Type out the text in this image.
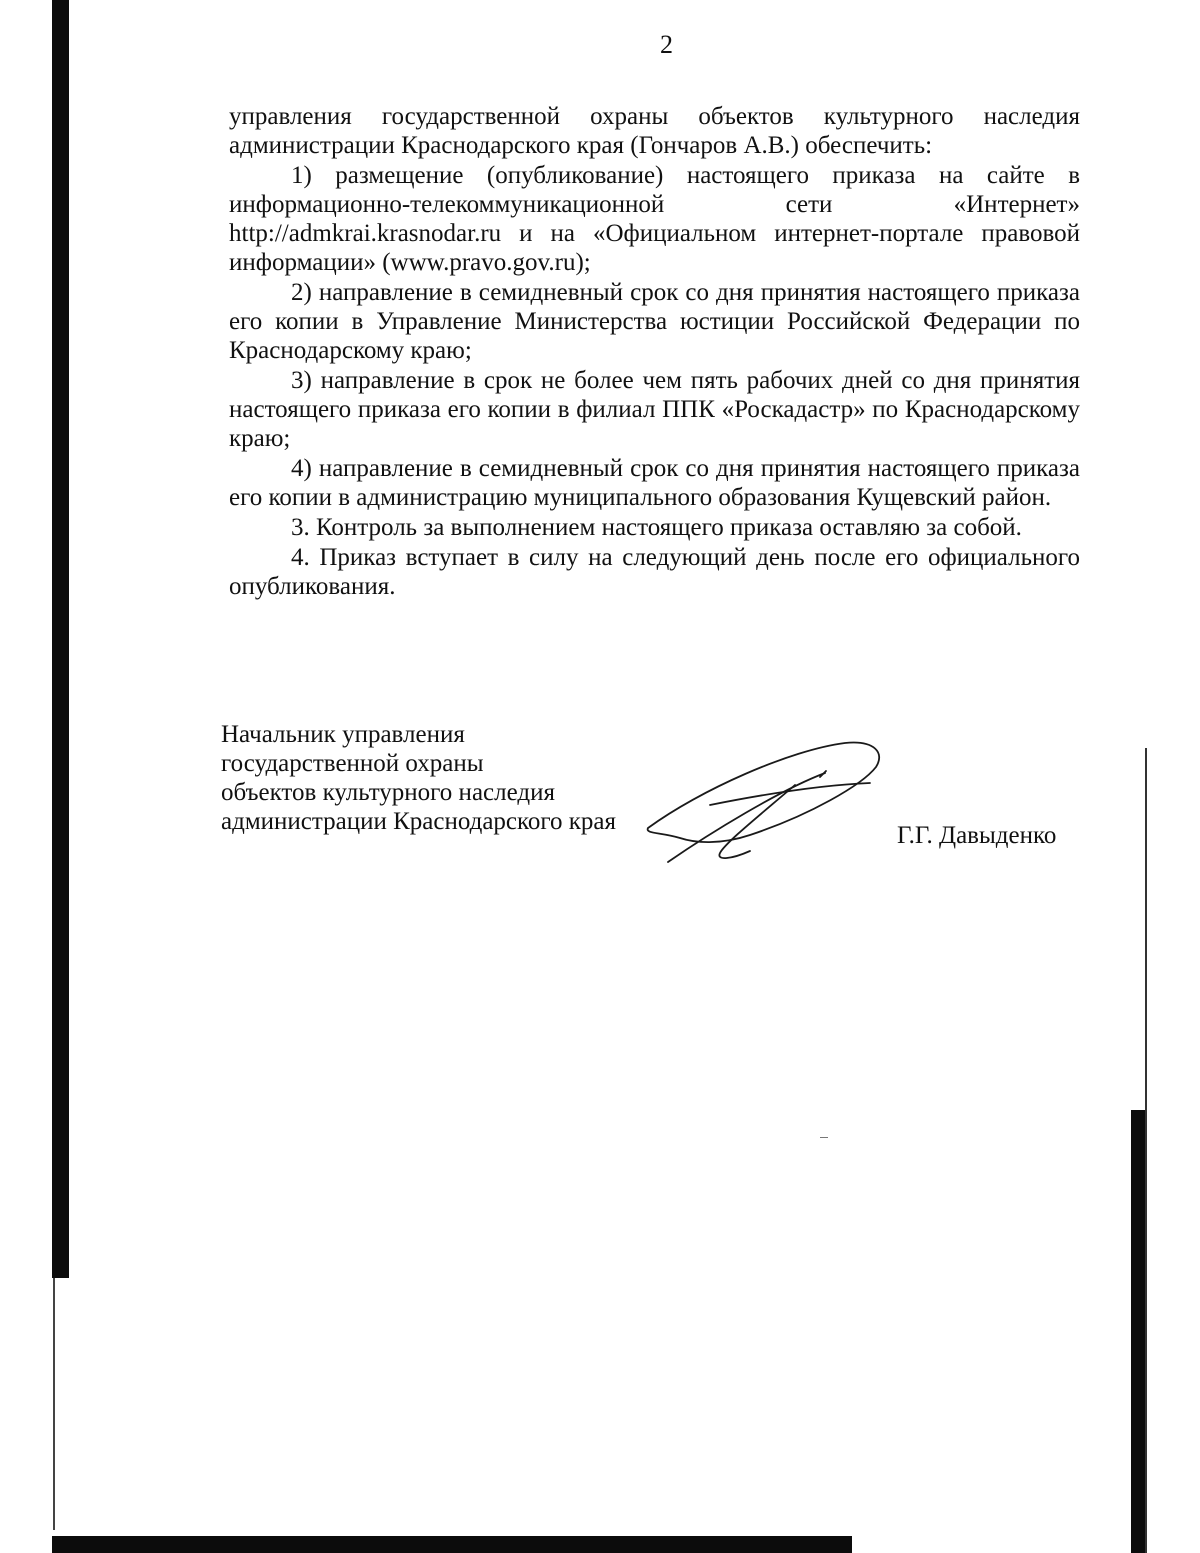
2

управления государственной охраны объектов культурного наследия администрации Краснодарского края (Гончаров А.В.) обеспечить:

1) размещение (опубликование) настоящего приказа на сайте в информационно-телекоммуникационной сети «Интернет» http://admkrai.krasnodar.ru и на «Официальном интернет-портале правовой информации» (www.pravo.gov.ru);

2) направление в семидневный срок со дня принятия настоящего приказа его копии в Управление Министерства юстиции Российской Федерации по Краснодарскому краю;

3) направление в срок не более чем пять рабочих дней со дня принятия настоящего приказа его копии в филиал ППК «Роскадастр» по Краснодарскому краю;

4) направление в семидневный срок со дня принятия настоящего приказа его копии в администрацию муниципального образования Кущевский район.

3. Контроль за выполнением настоящего приказа оставляю за собой.

4. Приказ вступает в силу на следующий день после его официального опубликования.

Начальник управления
государственной охраны
объектов культурного наследия
администрации Краснодарского края
Г.Г. Давыденко
